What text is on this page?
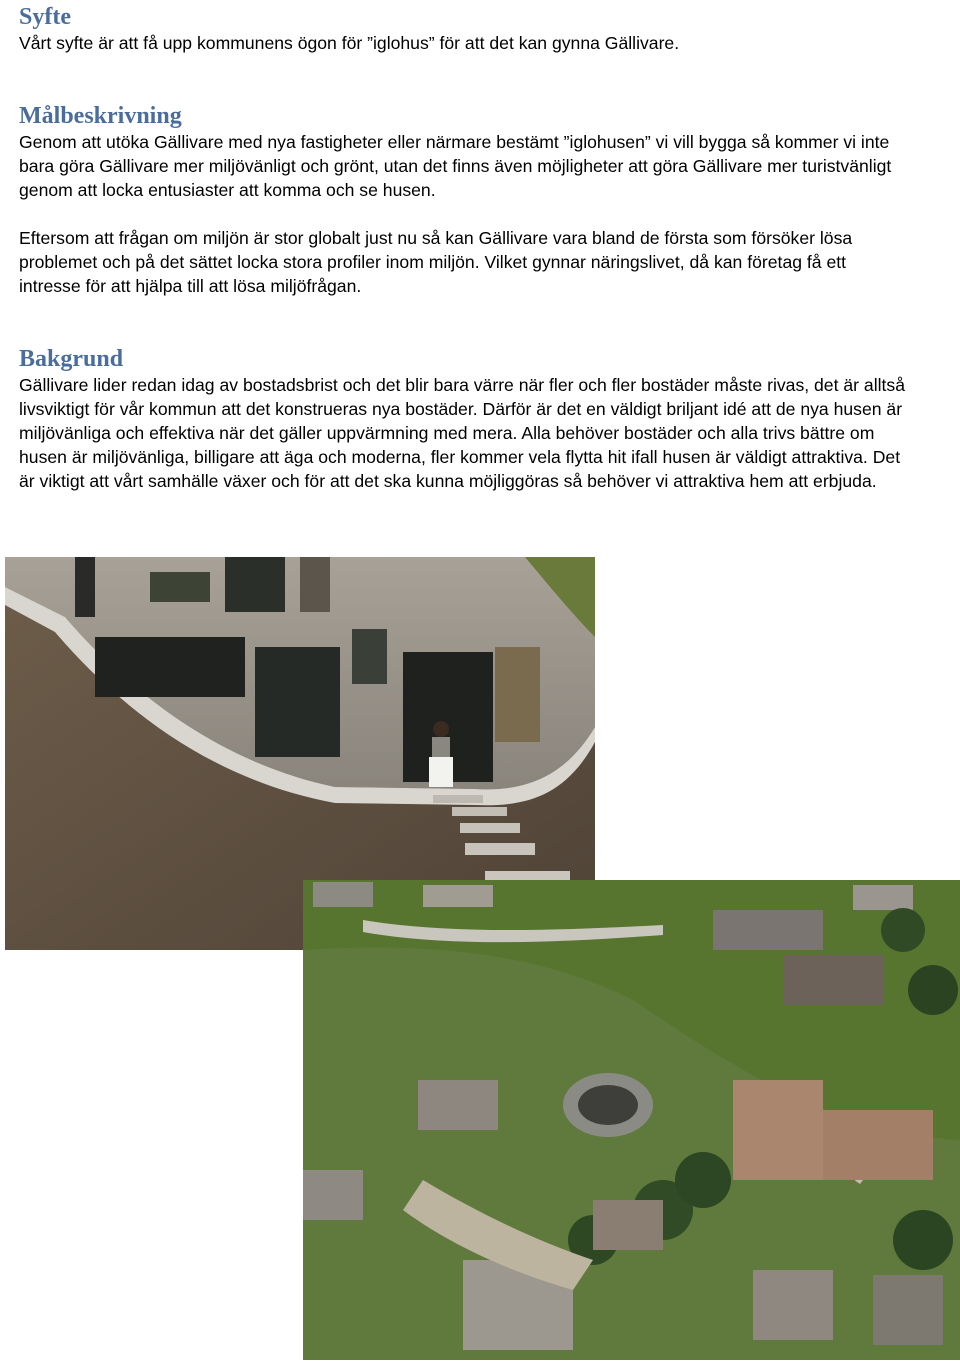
Syfte

Vårt syfte är att få upp kommunens ögon för ”iglohus” för att det kan gynna Gällivare.

Målbeskrivning

Genom att utöka Gällivare med nya fastigheter eller närmare bestämt ”iglohusen” vi vill bygga så kommer vi inte bara göra Gällivare mer miljövänligt och grönt, utan det finns även möjligheter att göra Gällivare mer turistvänligt genom att locka entusiaster att komma och se husen.

Eftersom att frågan om miljön är stor globalt just nu så kan Gällivare vara bland de första som försöker lösa problemet och på det sättet locka stora profiler inom miljön. Vilket gynnar näringslivet, då kan företag få ett intresse för att hjälpa till att lösa miljöfrågan.

Bakgrund

Gällivare lider redan idag av bostadsbrist och det blir bara värre när fler och fler bostäder måste rivas, det är alltså livsviktigt för vår kommun att det konstrueras nya bostäder. Därför är det en väldigt briljant idé att de nya husen är miljövänliga och effektiva när det gäller uppvärmning med mera. Alla behöver bostäder och alla trivs bättre om husen är miljövänliga, billigare att äga och moderna, fler kommer vela flytta hit ifall husen är väldigt attraktiva. Det är viktigt att vårt samhälle växer och för att det ska kunna möjliggöras så behöver vi attraktiva hem att erbjuda.
